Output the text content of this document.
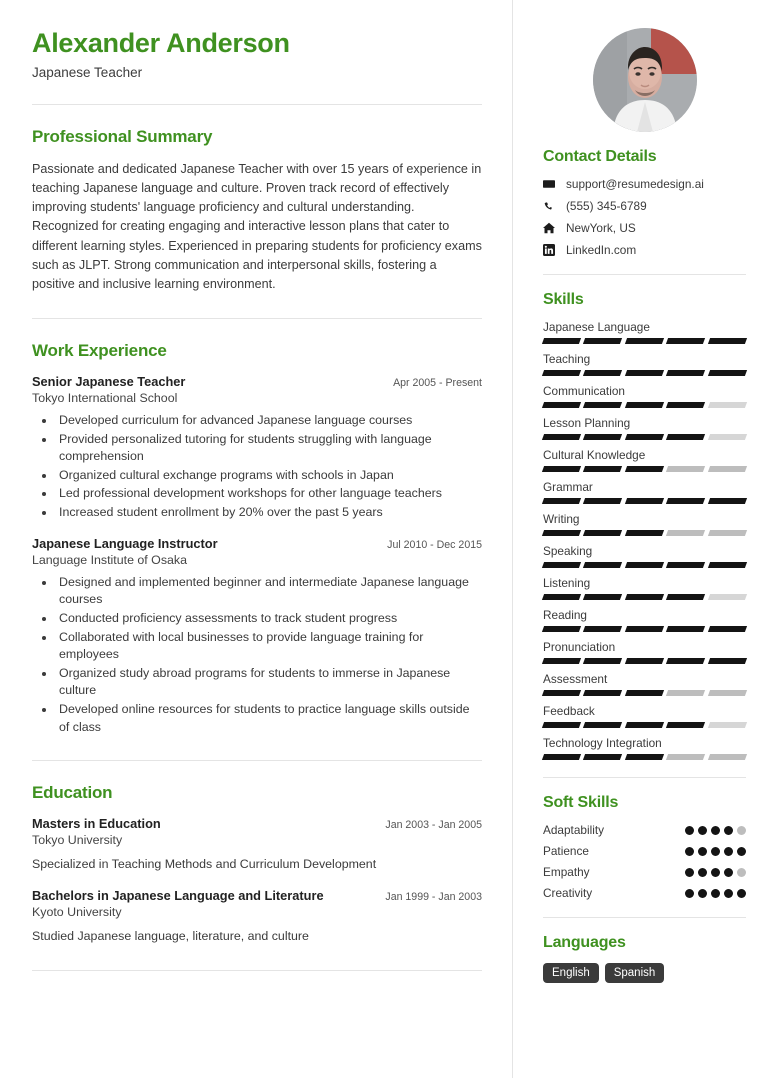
Alexander Anderson
Japanese Teacher
Professional Summary
Passionate and dedicated Japanese Teacher with over 15 years of experience in teaching Japanese language and culture. Proven track record of effectively improving students' language proficiency and cultural understanding. Recognized for creating engaging and interactive lesson plans that cater to different learning styles. Experienced in preparing students for proficiency exams such as JLPT. Strong communication and interpersonal skills, fostering a positive and inclusive learning environment.
Work Experience
Senior Japanese Teacher	Apr 2005 - Present
Tokyo International School
• Developed curriculum for advanced Japanese language courses
• Provided personalized tutoring for students struggling with language comprehension
• Organized cultural exchange programs with schools in Japan
• Led professional development workshops for other language teachers
• Increased student enrollment by 20% over the past 5 years
Japanese Language Instructor	Jul 2010 - Dec 2015
Language Institute of Osaka
• Designed and implemented beginner and intermediate Japanese language courses
• Conducted proficiency assessments to track student progress
• Collaborated with local businesses to provide language training for employees
• Organized study abroad programs for students to immerse in Japanese culture
• Developed online resources for students to practice language skills outside of class
Education
Masters in Education	Jan 2003 - Jan 2005
Tokyo University
Specialized in Teaching Methods and Curriculum Development
Bachelors in Japanese Language and Literature	Jan 1999 - Jan 2003
Kyoto University
Studied Japanese language, literature, and culture
Contact Details
support@resumedesign.ai
(555) 345-6789
NewYork, US
LinkedIn.com
Skills
Japanese Language
Teaching
Communication
Lesson Planning
Cultural Knowledge
Grammar
Writing
Speaking
Listening
Reading
Pronunciation
Assessment
Feedback
Technology Integration
Soft Skills
Adaptability
Patience
Empathy
Creativity
Languages
English	Spanish
